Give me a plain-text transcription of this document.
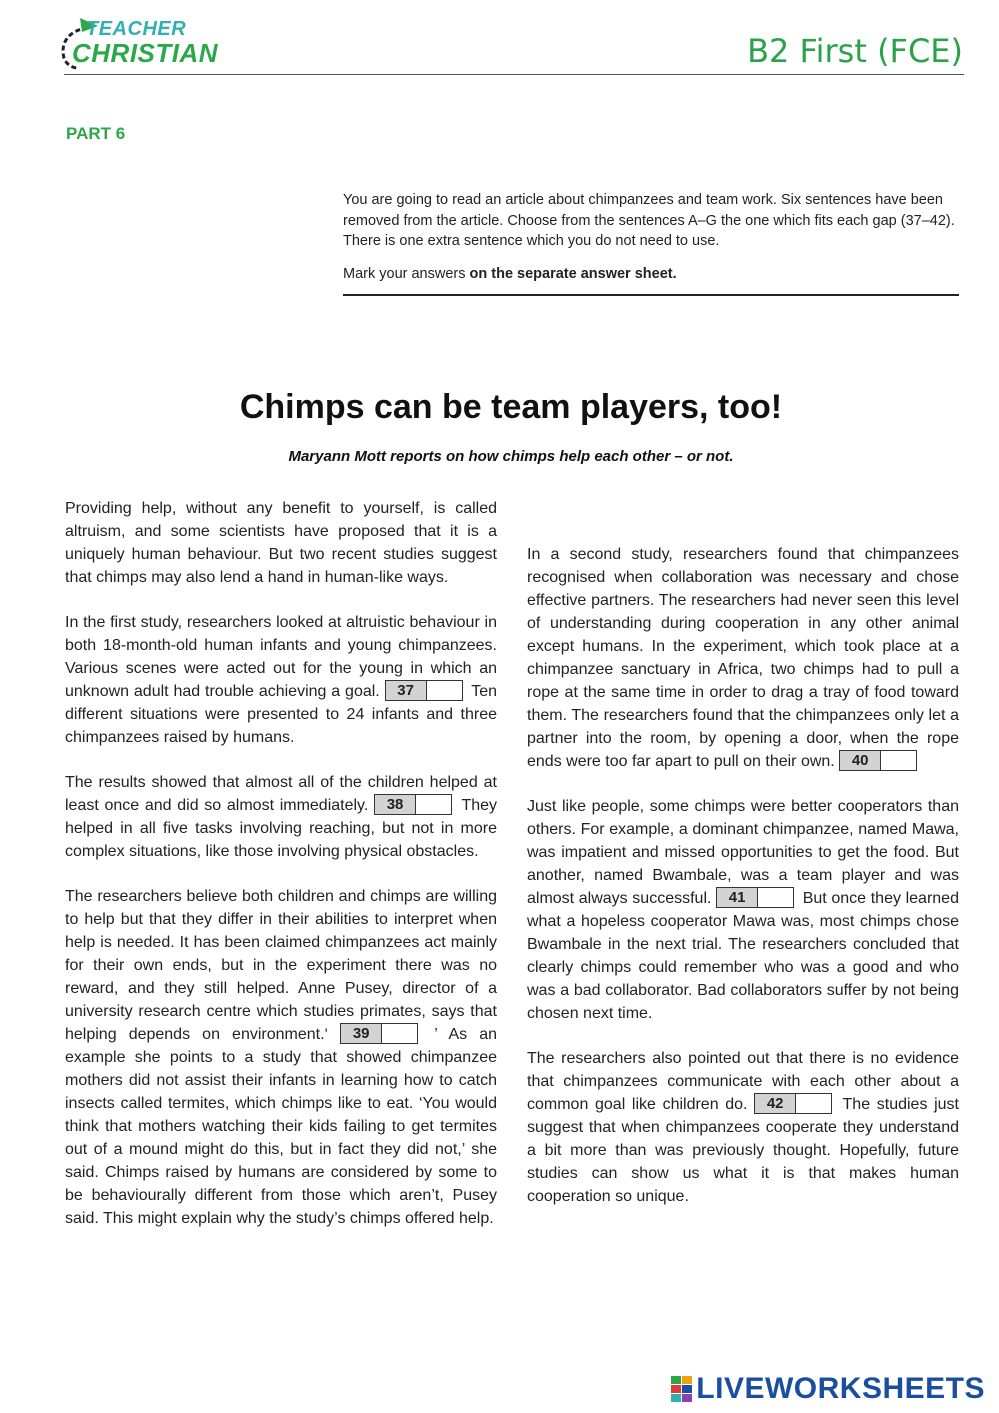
TEACHER
CHRISTIAN	B2 First (FCE)
PART 6

You are going to read an article about chimpanzees and team work. Six sentences have been removed from the article. Choose from the sentences A–G the one which fits each gap (37–42). There is one extra sentence which you do not need to use.

Mark your answers on the separate answer sheet.

Chimps can be team players, too!
Maryann Mott reports on how chimps help each other – or not.

Providing help, without any benefit to yourself, is called altruism, and some scientists have proposed that it is a uniquely human behaviour. But two recent studies suggest that chimps may also lend a hand in human-like ways.

In the first study, researchers looked at altruistic behaviour in both 18-month-old human infants and young chimpanzees. Various scenes were acted out for the young in which an unknown adult had trouble achieving a goal. 37	Ten different situations were presented to 24 infants and three chimpanzees raised by humans.

The results showed that almost all of the children helped at least once and did so almost immediately. 38	They helped in all five tasks involving reaching, but not in more complex situations, like those involving physical obstacles.

The researchers believe both children and chimps are willing to help but that they differ in their abilities to interpret when help is needed. It has been claimed chimpanzees act mainly for their own ends, but in the experiment there was no reward, and they still helped. Anne Pusey, director of a university research centre which studies primates, says that helping depends on environment.‘ 39	’ As an example she points to a study that showed chimpanzee mothers did not assist their infants in learning how to catch insects called termites, which chimps like to eat. ‘You would think that mothers watching their kids failing to get termites out of a mound might do this, but in fact they did not,’ she said. Chimps raised by humans are considered by some to be behaviourally different from those which aren’t, Pusey said. This might explain why the study’s chimps offered help.

In a second study, researchers found that chimpanzees recognised when collaboration was necessary and chose effective partners. The researchers had never seen this level of understanding during cooperation in any other animal except humans. In the experiment, which took place at a chimpanzee sanctuary in Africa, two chimps had to pull a rope at the same time in order to drag a tray of food toward them. The researchers found that the chimpanzees only let a partner into the room, by opening a door, when the rope ends were too far apart to pull on their own. 40

Just like people, some chimps were better cooperators than others. For example, a dominant chimpanzee, named Mawa, was impatient and missed opportunities to get the food. But another, named Bwambale, was a team player and was almost always successful. 41	But once they learned what a hopeless cooperator Mawa was, most chimps chose Bwambale in the next trial. The researchers concluded that clearly chimps could remember who was a good and who was a bad collaborator. Bad collaborators suffer by not being chosen next time.

The researchers also pointed out that there is no evidence that chimpanzees communicate with each other about a common goal like children do. 42	The studies just suggest that when chimpanzees cooperate they understand a bit more than was previously thought. Hopefully, future studies can show us what it is that makes human cooperation so unique.

LIVEWORKSHEETS
